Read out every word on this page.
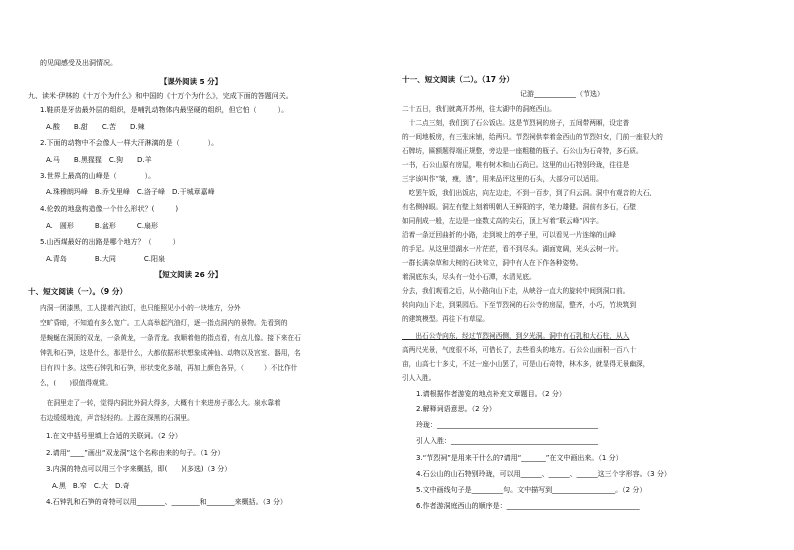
的见闻感受及出洞情况。
【课外阅读 5 分】
九、读米·伊林的《十万个为什么》和中国的《十万个为什么》，完成下面的答题问关。
1.鞋质是牙齿最外层的组织，是哺乳动物体内最坚硬的组织，但它怕（　　　）。
A.酸　　B.甜　　C.苦　　D.辣
2.下面的动物中不会像人一样大汗淋漓的是（　　　　）。
A.马　　B.黑猩猩　C.狗　　D.羊
3.世界上最高的山峰是（　　　　）。
A.珠穆朗玛峰　B.乔戈里峰　C.洛子峰　D.干城章嘉峰
4.伦敦的地盘构造像一个什么形状？(　　　)
A.　圆形　　　B.盆形　　　C.扇形
5.山西煤最好的出路是哪个地方？（　　　）
A.青岛　　　　B.大同　　　　C.阳泉
【短文阅读 26 分】
十、短文阅读（一）。（9 分）
内洞一团漆黑，工人提着汽油灯，也只能照见小小的一块地方，分外
空旷昏暗，不知道有多么宽广。工人高举起汽油灯，逐一指点洞内的景物。先看到的
是蜿蜒在洞顶的双龙，一条黄龙，一条青龙。我顺着他的指点看，有点儿像。接下来在石
钟乳和石笋，这是什么，那是什么，大都依据形状想象成神仙、动物以及宫室、器用，名
目有四十多。这些石钟乳和石笋，形状变化多端，再加上颜色各异，（　　　）不比作什
么，(　　)很值得观赏。
　在洞里走了一转，觉得内洞比外洞大得多，大概有十来进房子那么大。泉水靠着
右边缓缓地流，声音轻轻的。上源在深黑的石洞里。
1.在文中括号里填上合适的关联词。（2 分）
2.请用“____”画出“双龙洞”这个名称由来的句子。（1 分）
3.内洞的特点可以用三个字来概括，即(　　)(多选)（3 分）
A.黑　B.窄　C.大　D.奇
4.石钟乳和石笋的奇特可以用________、________和________来概括。（3 分）
十一、短文阅读（二）。（17 分）
记游____________（节选）
二十五日，我们就离开苏州，往太湖中的洞庭西山。
　十二点三刻，我们到了石公饭店。这是节烈祠的房子，五间带两厢，设定普
的一间地板房，有三张床铺，给两只。节烈祠供奉着金西山的节烈妇女，门前一座很大的
石牌坊，匾额题得端正规整，旁边是一座粗糙的瓶子。石公山为石奇特，多石质。
一书，石公山原有房屋，唯有树木和山石尚已。这里的山石特别玲珑，往往是
三字该叫作“皱，瘦，透”，用来品评这里的石头，大部分可以适用。
　吃罢午饭，我们出饭店，向左边走，不到一百步，到了归云洞。洞中有观音的大石,
有名侧掉眼。洞左有壁上刻着明朝人王鲜阳的字，笔力雄健。洞前有多石，石壁
如同削成一般，左边是一座数丈高的尖石，顶上写着“联云峰”四字。
沿着一条迂回曲折的小路，走到坡上的亭子里，可以看见一片连绵的山峰
的手足。从这里望湖水一片茫茫，看不到尽头。湖面宽阔，光头云树一片。
一群长满杂草和大树的石块耸立，洞中有人在下作各种姿势。
着洞底东头，尽头有一处小石潭，水清见底。
分去，我们观看之后，从小路向山下走，从峡谷一直大的旋转中间到洞口前。
转向向山下走，到果园后。下至节烈祠的石公寺的房屋，整齐，小巧，竹块筑到
的建筑模型。再往下有草屋。
　　出石公寺向东，经过节烈祠西侧，到夕光洞。洞中有石乳和大石柱，从入
高两尺光景，气度很不坏，可借长了，去些看头的地方。石公公山面积一百八十
亩，山高七十多丈，不过一座小山罢了，可是山石奇特，林木多，就显得无景幽深，
引人入胜。
1.请根据作者游览的地点补充文章题目。（2 分）
2.解释词语意思。（2 分）
玲珑：______________________________________________
引人入胜：__________________________________________
3.“节烈祠”是用来干什么的?请用“_______”在文中画出来。（1 分）
4.石公山的山石特别玲珑，可以用______、______、______这三个字形容。（3 分）
5.文中画线句子是_________句。文中描写到__________________。（2 分）
6.作者游洞庭西山的顺序是：______________________________________
